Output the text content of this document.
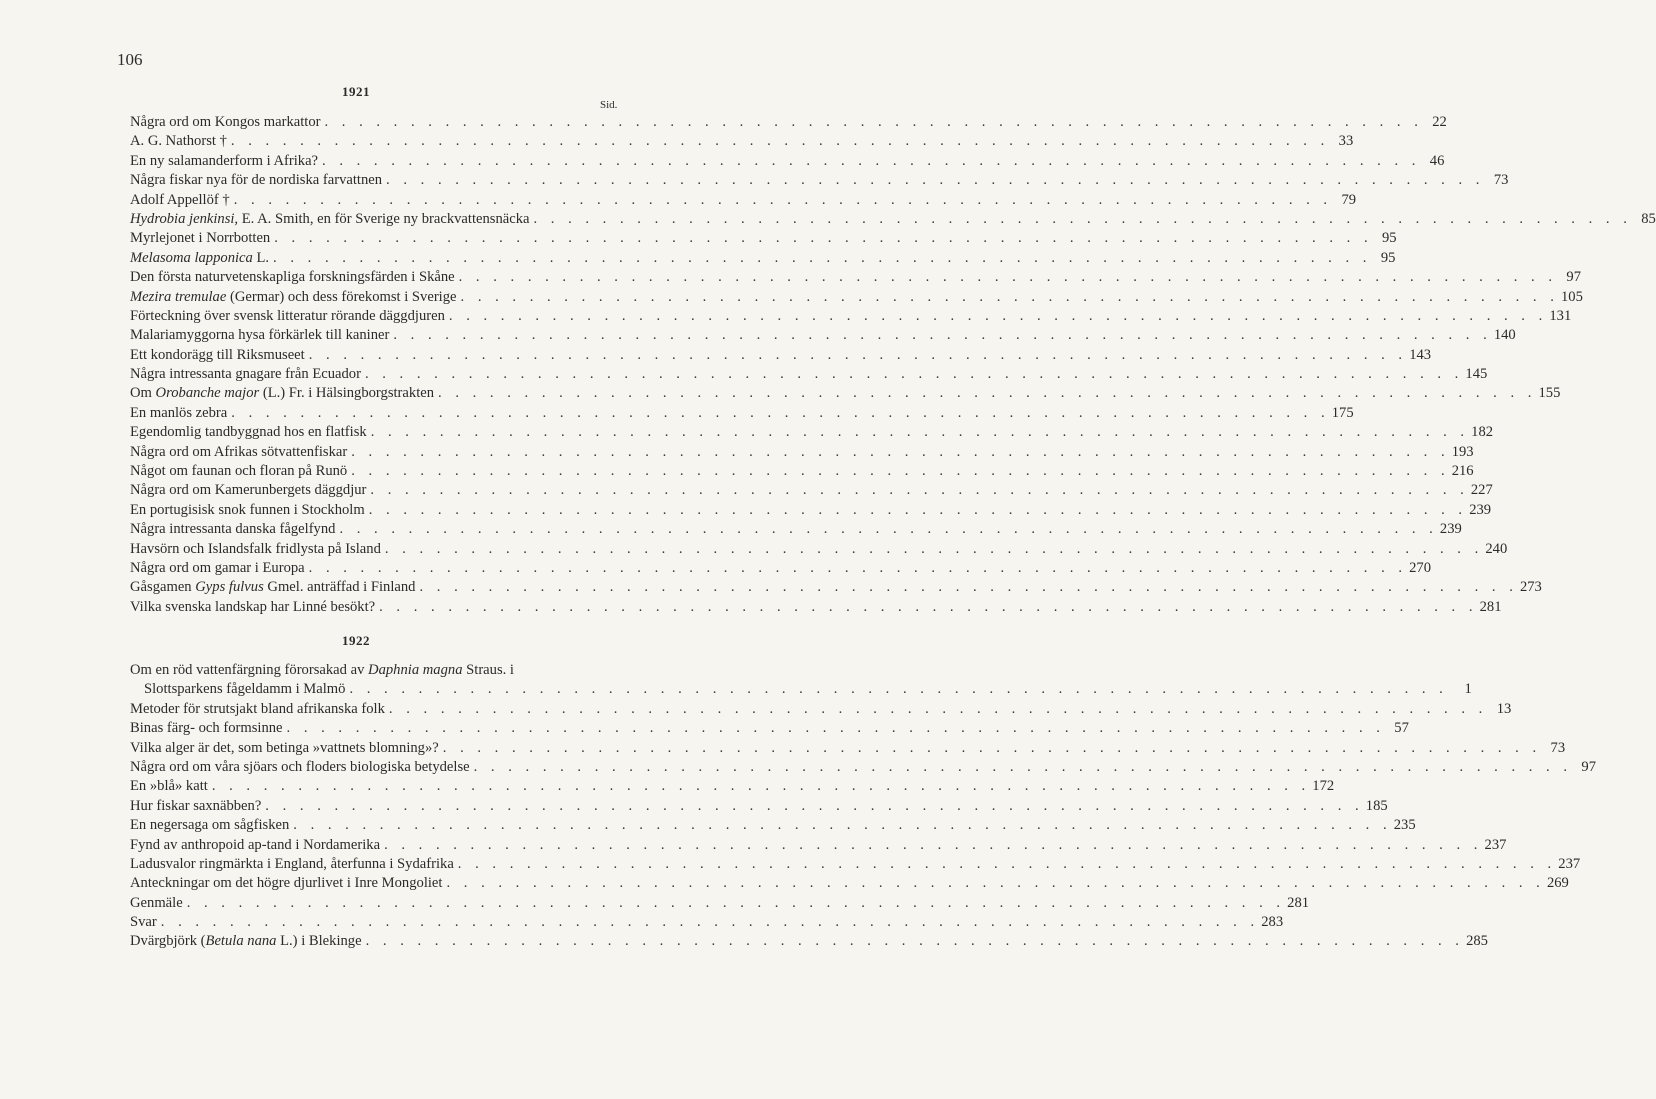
106
1921
Sid.
Några ord om Kongos markattor . . .	22
A. G. Nathorst † . . .	33
En ny salamanderform i Afrika? . . .	46
Några fiskar nya för de nordiska farvattnen . . .	73
Adolf Appellöf † . . .	79
Hydrobia jenkinsi, E. A. Smith, en för Sverige ny brackvattensnäcka . . .	85
Myrlejonet i Norrbotten . . .	95
Melasoma lapponica L. . . .	95
Den första naturvetenskapliga forskningsfärden i Skåne . . .	97
Mezira tremulae (Germar) och dess förekomst i Sverige . . .	105
Förteckning över svensk litteratur rörande däggdjuren . . .	131
Malariamyggorna hysa förkärlek till kaniner . . .	140
Ett kondorägg till Riksmuseet . . .	143
Några intressanta gnagare från Ecuador . . .	145
Om Orobanche major (L.) Fr. i Hälsingborgstrakten . . .	155
En manlös zebra . . .	175
Egendomlig tandbyggnad hos en flatfisk . . .	182
Några ord om Afrikas sötvattenfiskar . . .	193
Något om faunan och floran på Runö . . .	216
Några ord om Kamerunbergets däggdjur . . .	227
En portugisisk snok funnen i Stockholm . . .	239
Några intressanta danska fågelfynd . . .	239
Havsörn och Islandsfalk fridlysta på Island . . .	240
Några ord om gamar i Europa . . .	270
Gåsgamen Gyps fulvus Gmel. anträffad i Finland . . .	273
Vilka svenska landskap har Linné besökt? . . .	281
1922
Om en röd vattenfärgning förorsakad av Daphnia magna Straus. i
Slottsparkens fågeldamm i Malmö . . .	1
Metoder för strutsjakt bland afrikanska folk . . .	13
Binas färg- och formsinne . . .	57
Vilka alger är det, som betinga »vattnets blomning»? . . .	73
Några ord om våra sjöars och floders biologiska betydelse . . .	97
En »blå» katt . . .	172
Hur fiskar saxnäbben? . . .	185
En negersaga om sågfisken . . .	235
Fynd av anthropoid ap-tand i Nordamerika . . .	237
Ladusvalor ringmärkta i England, återfunna i Sydafrika . . .	237
Anteckningar om det högre djurlivet i Inre Mongoliet . . .	269
Genmäle . . .	281
Svar . . .	283
Dvärgbjörk (Betula nana L.) i Blekinge . . .	285
